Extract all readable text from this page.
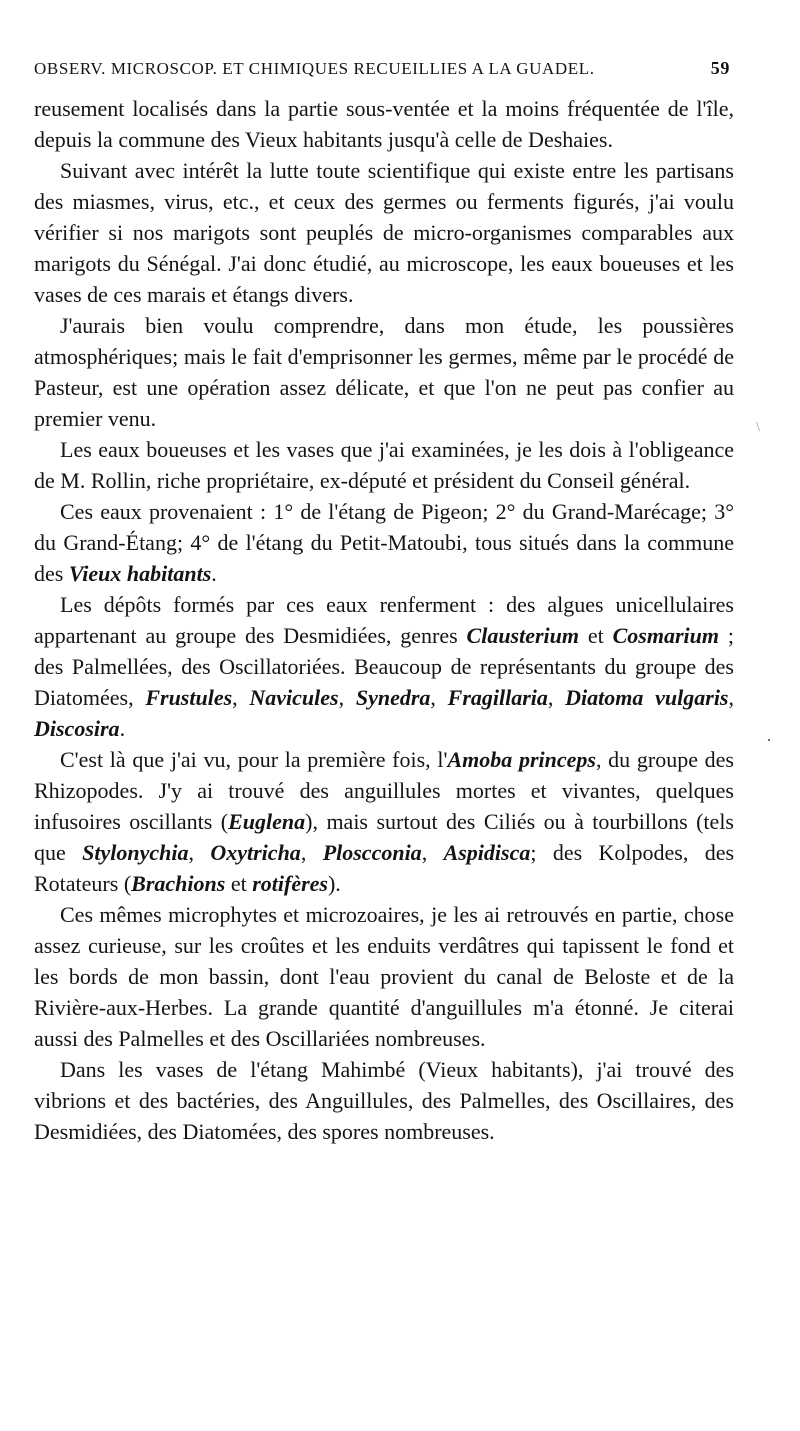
OBSERV. MICROSCOP. ET CHIMIQUES RECUEILLIES A LA GUADEL.	59

reusement localisés dans la partie sous-ventée et la moins fréquentée de l'île, depuis la commune des Vieux habitants jusqu'à celle de Deshaies.

Suivant avec intérêt la lutte toute scientifique qui existe entre les partisans des miasmes, virus, etc., et ceux des germes ou ferments figurés, j'ai voulu vérifier si nos marigots sont peuplés de micro-organismes comparables aux marigots du Sénégal. J'ai donc étudié, au microscope, les eaux boueuses et les vases de ces marais et étangs divers.

J'aurais bien voulu comprendre, dans mon étude, les poussières atmosphériques; mais le fait d'emprisonner les germes, même par le procédé de Pasteur, est une opération assez délicate, et que l'on ne peut pas confier au premier venu.

Les eaux boueuses et les vases que j'ai examinées, je les dois à l'obligeance de M. Rollin, riche propriétaire, ex-député et président du Conseil général.

Ces eaux provenaient : 1° de l'étang de Pigeon; 2° du Grand-Marécage; 3° du Grand-Étang; 4° de l'étang du Petit-Matoubi, tous situés dans la commune des Vieux habitants.

Les dépôts formés par ces eaux renferment : des algues unicellulaires appartenant au groupe des Desmidiées, genres Clausterium et Cosmarium ; des Palmellées, des Oscillatoriées. Beaucoup de représentants du groupe des Diatomées, Frustules, Navicules, Synedra, Fragillaria, Diatoma vulgaris, Discosira.

C'est là que j'ai vu, pour la première fois, l'Amoba princeps, du groupe des Rhizopodes. J'y ai trouvé des anguillules mortes et vivantes, quelques infusoires oscillants (Euglena), mais surtout des Ciliés ou à tourbillons (tels que Stylonychia, Oxytricha, Ploscconia, Aspidisca; des Kolpodes, des Rotateurs (Brachions et rotifères).

Ces mêmes microphytes et microzoaires, je les ai retrouvés en partie, chose assez curieuse, sur les croûtes et les enduits verdâtres qui tapissent le fond et les bords de mon bassin, dont l'eau provient du canal de Beloste et de la Rivière-aux-Herbes. La grande quantité d'anguillules m'a étonné. Je citerai aussi des Palmelles et des Oscillariées nombreuses.

Dans les vases de l'étang Mahimbé (Vieux habitants), j'ai trouvé des vibrions et des bactéries, des Anguillules, des Palmelles, des Oscillaires, des Desmidiées, des Diatomées, des spores nombreuses.

·
\
